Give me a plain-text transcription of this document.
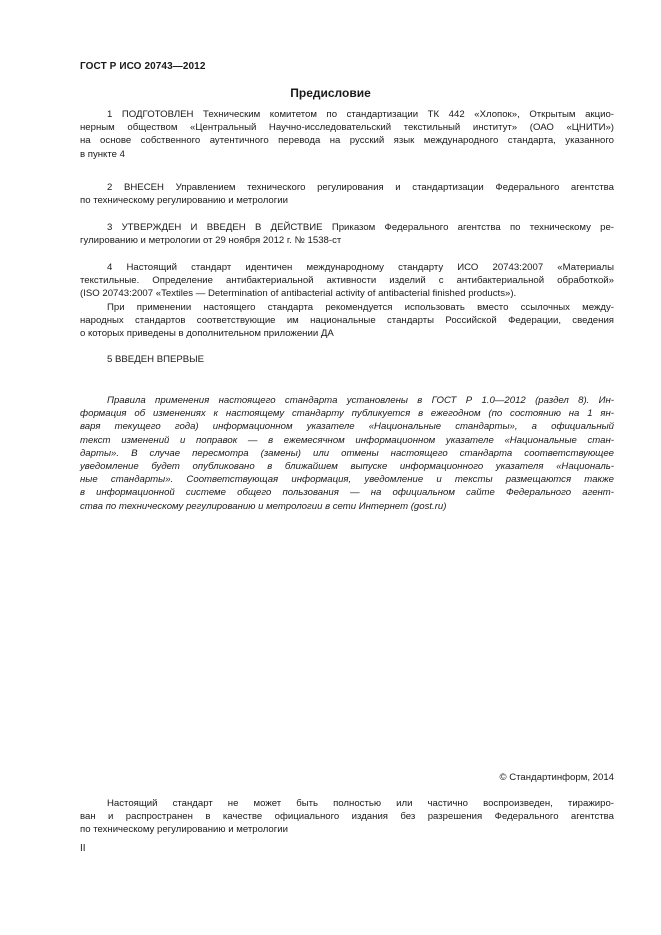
ГОСТ Р ИСО 20743—2012
Предисловие
1 ПОДГОТОВЛЕН Техническим комитетом по стандартизации ТК 442 «Хлопок», Открытым акцио-
нерным обществом «Центральный Научно-исследовательский текстильный институт» (ОАО «ЦНИТИ»)
на основе собственного аутентичного перевода на русский язык международного стандарта, указанного
в пункте 4
2 ВНЕСЕН Управлением технического регулирования и стандартизации Федерального агентства
по техническому регулированию и метрологии
3 УТВЕРЖДЕН И ВВЕДЕН В ДЕЙСТВИЕ Приказом Федерального агентства по техническому ре-
гулированию и метрологии от 29 ноября 2012 г. № 1538-ст
4 Настоящий стандарт идентичен международному стандарту ИСО 20743:2007 «Материалы
текстильные. Определение антибактериальной активности изделий с антибактериальной обработкой»
(ISO 20743:2007 «Textiles — Determination of antibacterial activity of antibacterial finished products»).
При применении настоящего стандарта рекомендуется использовать вместо ссылочных между-
народных стандартов соответствующие им национальные стандарты Российской Федерации, сведения
о которых приведены в дополнительном приложении ДА
5 ВВЕДЕН ВПЕРВЫЕ
Правила применения настоящего стандарта установлены в ГОСТ Р 1.0—2012 (раздел 8). Ин-
формация об изменениях к настоящему стандарту публикуется в ежегодном (по состоянию на 1 ян-
варя текущего года) информационном указателе «Национальные стандарты», а официальный
текст изменений и поправок — в ежемесячном информационном указателе «Национальные стан-
дарты». В случае пересмотра (замены) или отмены настоящего стандарта соответствующее
уведомление будет опубликовано в ближайшем выпуске информационного указателя «Националь-
ные стандарты». Соответствующая информация, уведомление и тексты размещаются также
в информационной системе общего пользования — на официальном сайте Федерального агент-
ства по техническому регулированию и метрологии в сети Интернет (gost.ru)
© Стандартинформ, 2014
Настоящий стандарт не может быть полностью или частично воспроизведен, тиражиро-
ван и распространен в качестве официального издания без разрешения Федерального агентства
по техническому регулированию и метрологии
II
